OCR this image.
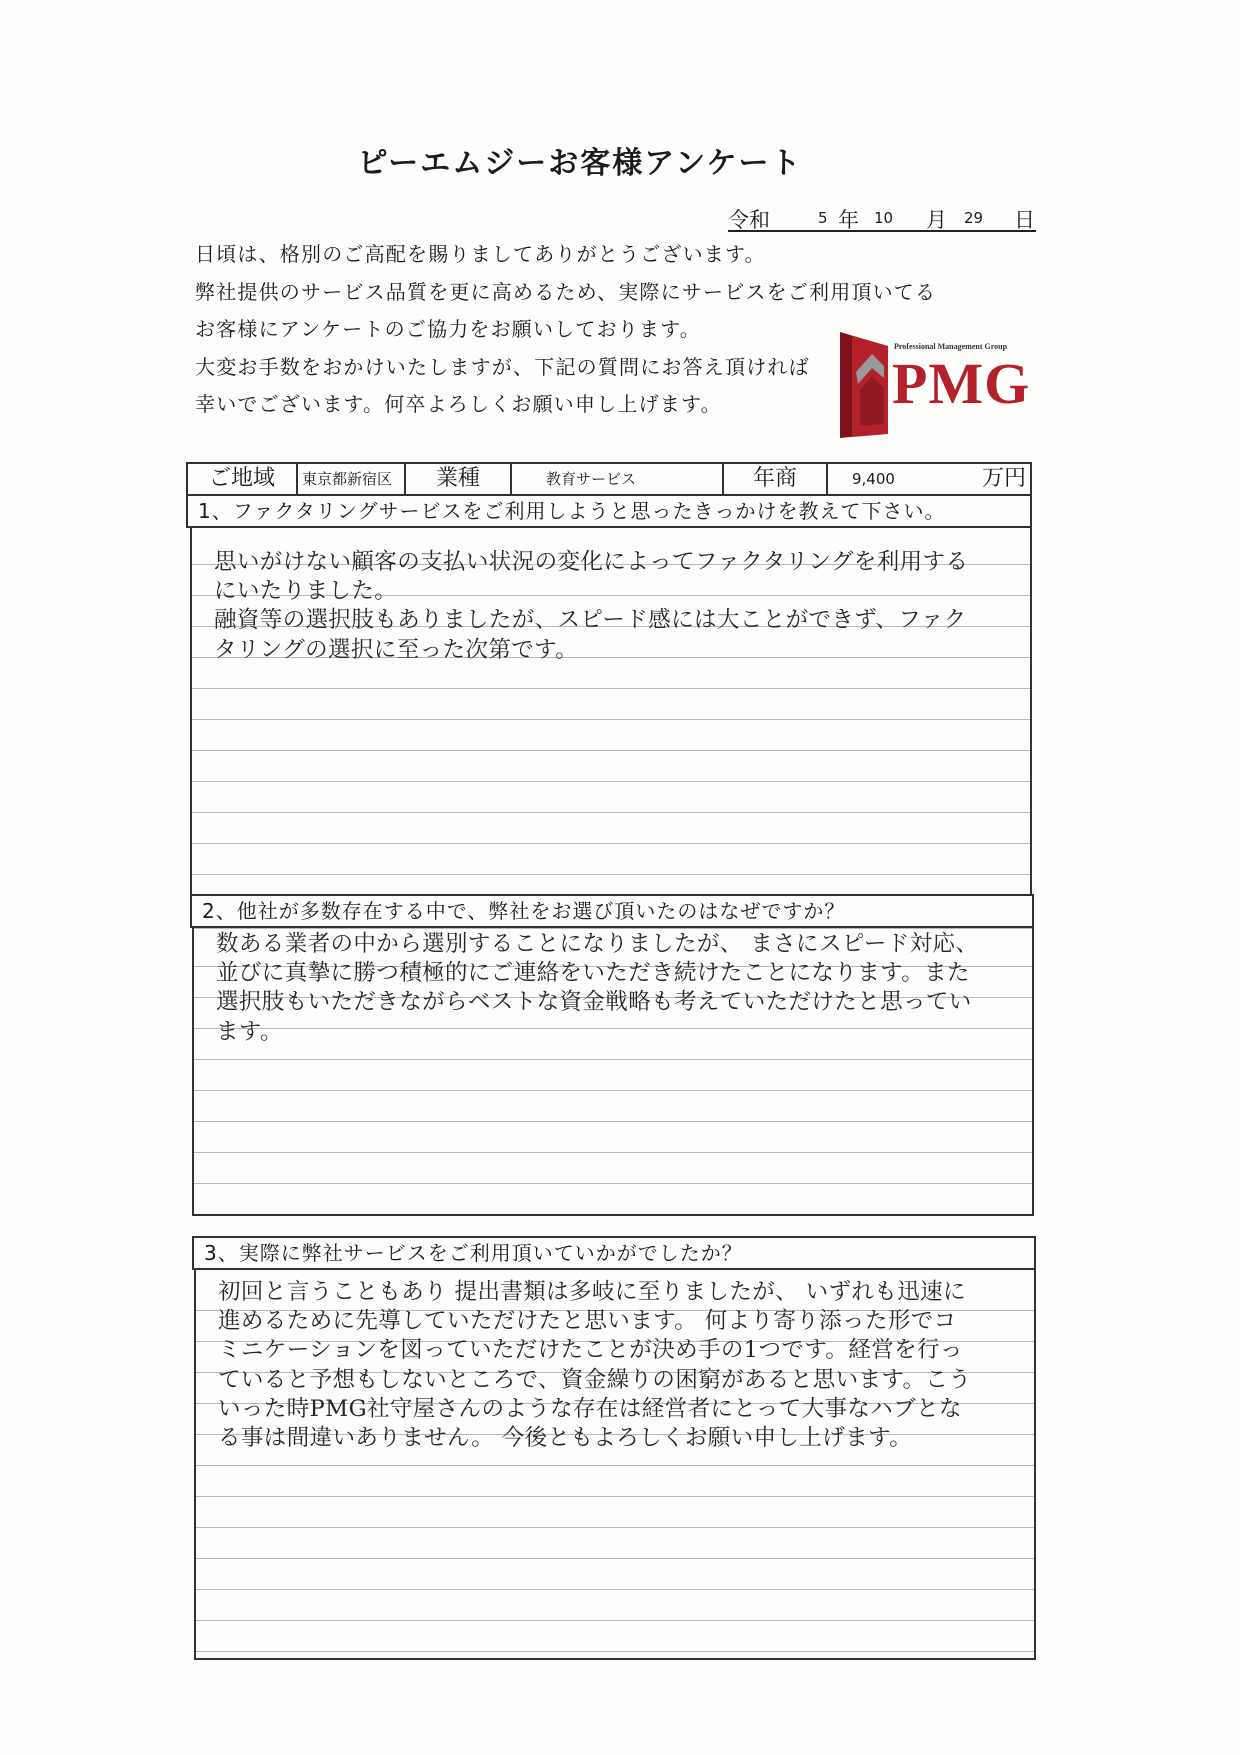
ピーエムジーお客様アンケート
令和	5 年 10 月 29 日
日頃は、格別のご高配を賜りましてありがとうございます。
弊社提供のサービス品質を更に高めるため、実際にサービスをご利用頂いてる
お客様にアンケートのご協力をお願いしております。
大変お手数をおかけいたしますが、下記の質問にお答え頂ければ
幸いでございます。何卒よろしくお願い申し上げます。
Professional Management Group
PMG
ご地域	東京都新宿区	業種	教育サービス	年商	9,400	万円
1、ファクタリングサービスをご利用しようと思ったきっかけを教えて下さい。
思いがけない顧客の支払い状況の変化によってファクタリングを利用する
にいたりました。
融資等の選択肢もありましたが、スピード感には大ことができず、ファク
タリングの選択に至った次第です。
2、他社が多数存在する中で、弊社をお選び頂いたのはなぜですか？
数ある業者の中から選別することになりましたが、 まさにスピード対応、
並びに真摯に勝つ積極的にご連絡をいただき続けたことになります。また
選択肢もいただきながらベストな資金戦略も考えていただけたと思ってい
ます。
3、実際に弊社サービスをご利用頂いていかがでしたか？
初回と言うこともあり 提出書類は多岐に至りましたが、 いずれも迅速に
進めるために先導していただけたと思います。 何より寄り添った形でコ
ミニケーションを図っていただけたことが決め手の1つです。経営を行っ
ていると予想もしないところで、資金繰りの困窮があると思います。こう
いった時PMG社守屋さんのような存在は経営者にとって大事なハブとな
る事は間違いありません。 今後ともよろしくお願い申し上げます。
